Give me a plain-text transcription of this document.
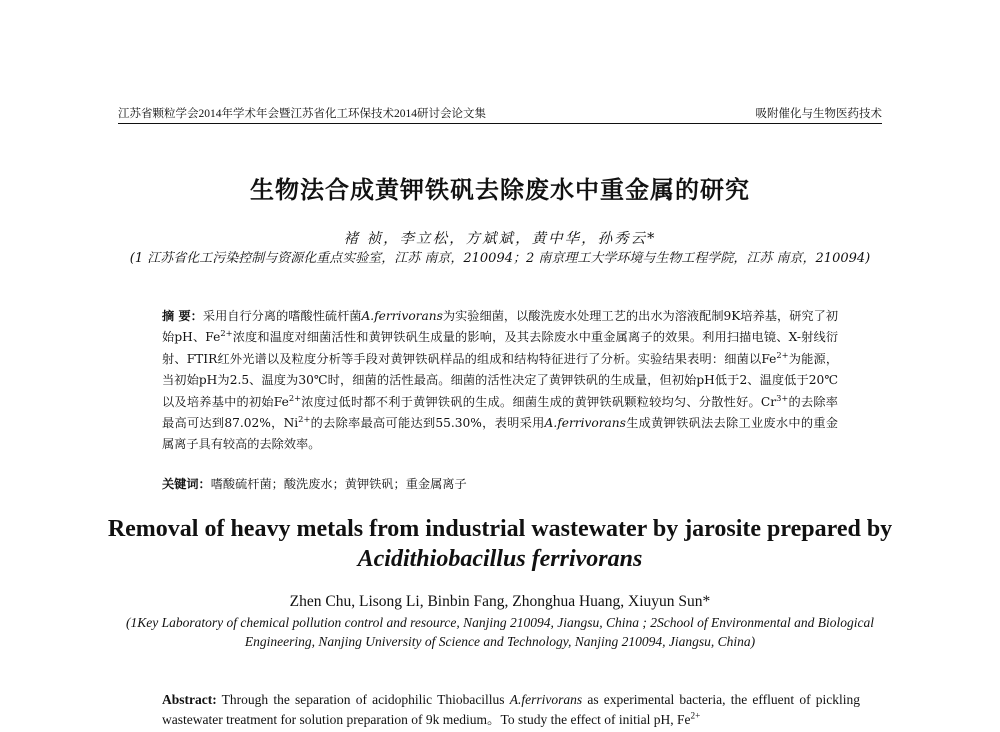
江苏省颗粒学会2014年学术年会暨江苏省化工环保技术2014研讨会论文集	吸附催化与生物医药技术
生物法合成黄钾铁矾去除废水中重金属的研究
褚 祯，李立松，方斌斌，黄中华，孙秀云*
(1 江苏省化工污染控制与资源化重点实验室，江苏 南京，210094；2 南京理工大学环境与生物工程学院，江苏 南京，210094)
摘 要：采用自行分离的嗜酸性硫杆菌A.ferrivorans为实验细菌，以酸洗废水处理工艺的出水为溶液配制9K培养基，研究了初始pH、$Fe^{2+}$浓度和温度对细菌活性和黄钾铁矾生成量的影响，及其去除废水中重金属离子的效果。利用扫描电镜、X-射线衍射、FTIR红外光谱以及粒度分析等手段对黄钾铁矾样品的组成和结构特征进行了分析。实验结果表明：细菌以$Fe^{2+}$为能源，当初始pH为2.5、温度为30℃时，细菌的活性最高。细菌的活性决定了黄钾铁矾的生成量，但初始pH低于2、温度低于20℃以及培养基中的初始$Fe^{2+}$浓度过低时都不利于黄钾铁矾的生成。细菌生成的黄钾铁矾颗粒较均匀、分散性好。$Cr^{3+}$的去除率最高可达到87.02%，$Ni^{2+}$的去除率最高可能达到55.30%，表明采用A.ferrivorans生成黄钾铁矾法去除工业废水中的重金属离子具有较高的去除效率。
关键词：嗜酸硫杆菌；酸洗废水；黄钾铁矾；重金属离子
Removal of heavy metals from industrial wastewater by jarosite prepared by Acidithiobacillus ferrivorans
Zhen Chu, Lisong Li, Binbin Fang, Zhonghua Huang, Xiuyun Sun*
(1Key Laboratory of chemical pollution control and resource, Nanjing 210094, Jiangsu, China ; 2School of Environmental and Biological Engineering, Nanjing University of Science and Technology, Nanjing 210094, Jiangsu, China)
Abstract: Through the separation of acidophilic Thiobacillus A.ferrivorans as experimental bacteria, the effluent of pickling wastewater treatment for solution preparation of 9k medium。To study the effect of initial pH, $Fe^{2+}$
